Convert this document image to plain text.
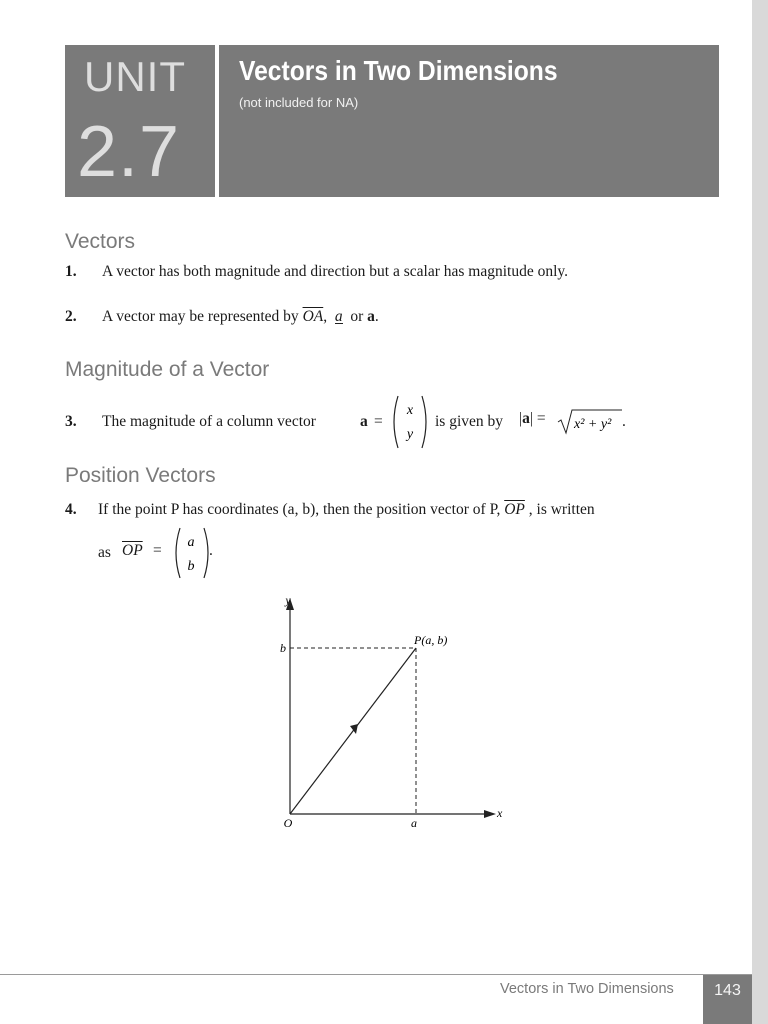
UNIT
2.7
Vectors in Two Dimensions
(not included for NA)
Vectors
1. A vector has both magnitude and direction but a scalar has magnitude only.
2. A vector may be represented by $\overline{OA}$, a or a.
Magnitude of a Vector
3. The magnitude of a column vector	a =
x
y
is given by |a| = x² + y² .
Position Vectors
4. If the point P has coordinates (a, b), then the position vector of P, $\overline{OP}$ , is written
as $\overline{OP} = a$
b
.
y
x
O	a
b
P(a, b)
Vectors in Two Dimensions	143
